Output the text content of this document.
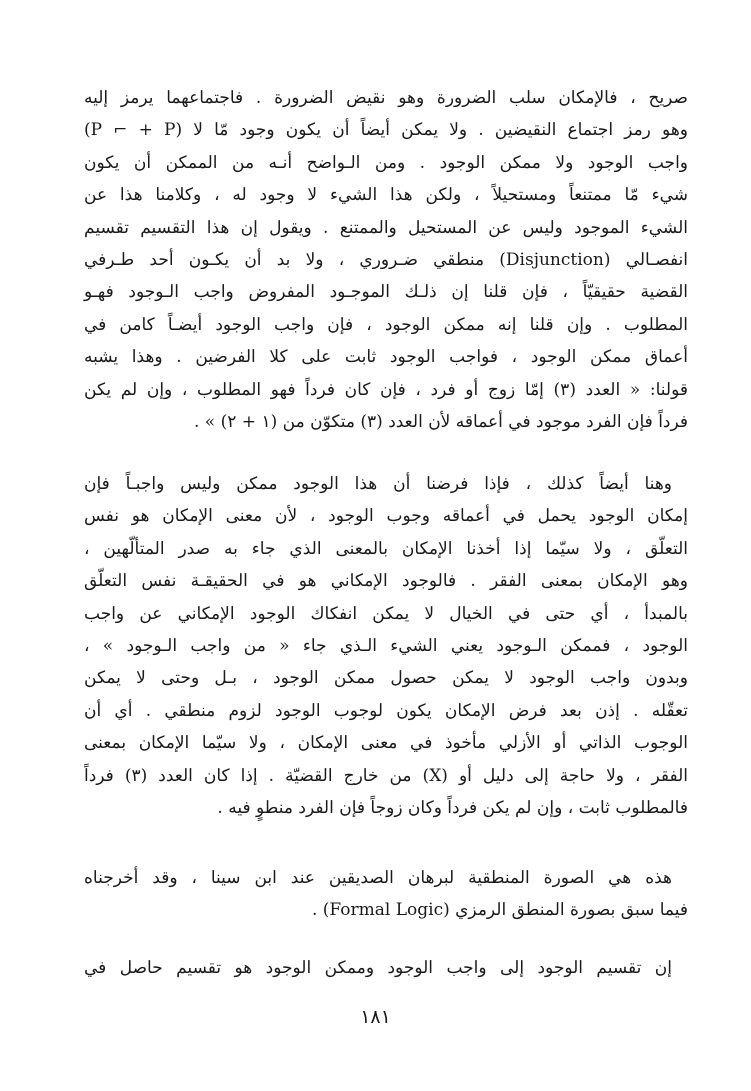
صريح ، فالإمكان سلب الضرورة وهو نقيض الضرورة . فاجتماعهما يرمز إليه
(P ⌐ + P) وهو رمز اجتماع النقيضين . ولا يمكن أيضاً أن يكون وجود مّا لا
واجب الوجود ولا ممكن الوجود . ومن الـواضح أنـه من الممكن أن يكون
شيء مّا ممتنعاً ومستحيلاً ، ولكن هذا الشيء لا وجود له ، وكلامنا هذا عن
الشيء الموجود وليس عن المستحيل والممتنع . ويقول إن هذا التقسيم تقسيم
انفصـالي (Disjunction) منطقي ضـروري ، ولا بد أن يكـون أحد طـرفي
القضية حقيقيّاً ، فإن قلنا إن ذلـك الموجـود المفروض واجب الـوجود فهـو
المطلوب . وإن قلنا إنه ممكن الوجود ، فإن واجب الوجود أيضـاً كامن في
أعماق ممكن الوجود ، فواجب الوجود ثابت على كلا الفرضين . وهذا يشبه
قولنا: « العدد (٣) إمّا زوج أو فرد ، فإن كان فرداً فهو المطلوب ، وإن لم يكن
فرداً فإن الفرد موجود في أعماقه لأن العدد (٣) متكوّن من (١ + ٢) » .
وهنا أيضاً كذلك ، فإذا فرضنا أن هذا الوجود ممكن وليس واجبـاً فإن
إمكان الوجود يحمل في أعماقه وجوب الوجود ، لأن معنى الإمكان هو نفس
التعلّق ، ولا سيّما إذا أخذنا الإمكان بالمعنى الذي جاء به صدر المتألّهين ،
وهو الإمكان بمعنى الفقر . فالوجود الإمكاني هو في الحقيقـة نفس التعلّق
بالمبدأ ، أي حتى في الخيال لا يمكن انفكاك الوجود الإمكاني عن واجب
الوجود ، فممكن الـوجود يعني الشيء الـذي جاء « من واجب الـوجود » ،
وبدون واجب الوجود لا يمكن حصول ممكن الوجود ، بـل وحتى لا يمكن
تعقّله . إذن بعد فرض الإمكان يكون لوجوب الوجود لزوم منطقي . أي أن
الوجوب الذاتي أو الأزلي مأخوذ في معنى الإمكان ، ولا سيّما الإمكان بمعنى
الفقر ، ولا حاجة إلى دليل أو (X) من خارج القضيّة . إذا كان العدد (٣) فرداً
فالمطلوب ثابت ، وإن لم يكن فرداً وكان زوجاً فإن الفرد منطوٍ فيه .
هذه هي الصورة المنطقية لبرهان الصديقين عند ابن سينا ، وقد أخرجناه
فيما سبق بصورة المنطق الرمزي (Formal Logic) .
إن تقسيم الوجود إلى واجب الوجود وممكن الوجود هو تقسيم حاصل في
١٨١
